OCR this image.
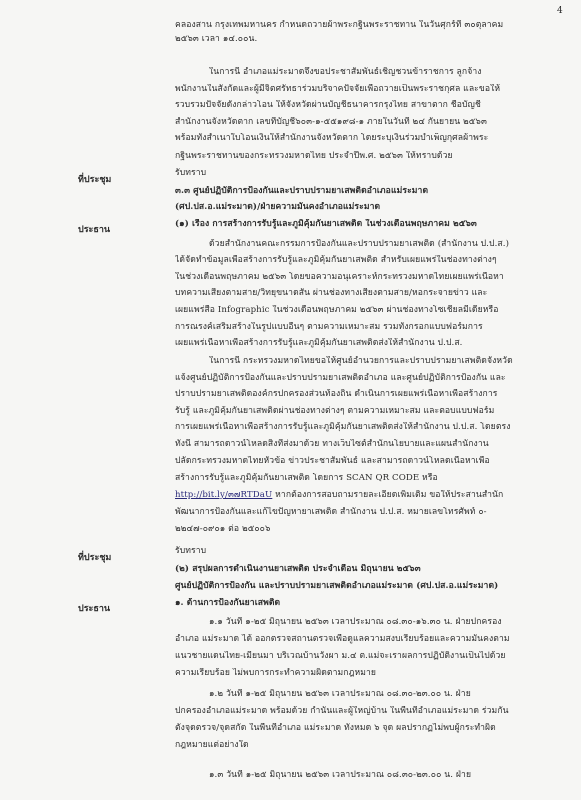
4
คลองสาน กรุงเทพมหานคร กำหนดถวายผ้าพระกฐินพระราชทาน ในวันศุกร์ที่ ๓๐ตุลาคม
๒๕๖๓ เวลา ๑๔.๐๐น.
ในการนี้ อำเภอแม่ระมาดจึงขอประชาสัมพันธ์เชิญชวนข้าราชการ ลูกจ้าง
พนักงานในสังกัดและผู้มีจิตศรัทธาร่วมบริจาคปัจจัยเพื่อถวายเป็นพระราชกุศล และขอให้
รวบรวมปัจจัยดังกล่าวโอน ให้จังหวัดผ่านบัญชีธนาคารกรุงไทย สาขาตาก ชื่อบัญชี
สำนักงานจังหวัดตาก เลขที่บัญชี๖๐๓-๑-๕๕๑๙๘-๑ ภายในวันที่ ๒๔ กันยายน ๒๕๖๓
พร้อมทั้งสำเนาใบโอนเงินให้สำนักงานจังหวัดตาก โดยระบุเงินร่วมบำเพ็ญกุศลผ้าพระ
กฐินพระราชทานของกระทรวงมหาดไทย ประจำปีพ.ศ. ๒๕๖๓ ให้ทราบด้วย
ที่ประชุม
รับทราบ
๓.๓ ศูนย์ปฏิบัติการป้องกันและปราบปรามยาเสพติดอำเภอแม่ระมาด
(ศป.ปส.อ.แม่ระมาด)/ฝ่ายความมั่นคงอำเภอแม่ระมาด
ประธาน
(๑) เรื่อง การสร้างการรับรู้และภูมิคุ้มกันยาเสพติด ในช่วงเดือนพฤษภาคม ๒๕๖๓
ด้วยสำนักงานคณะกรรมการป้องกันและปราบปรามยาเสพติด (สำนักงาน ป.ป.ส.)
ได้จัดทำข้อมูลเพื่อสร้างการรับรู้และภูมิคุ้มกันยาเสพติด สำหรับเผยแพร่ในช่องทางต่างๆ
ในช่วงเดือนพฤษภาคม ๒๕๖๓ โดยขอความอนุเคราะห์กระทรวงมหาดไทยเผยแพร่เนื้อหา
บทความเสียงตามสาย/วิทยุขนาดสั้น ผ่านช่องทางเสียงตามสาย/หอกระจายข่าว และ
เผยแพร่สื่อ Infographic ในช่วงเดือนพฤษภาคม ๒๕๖๓ ผ่านช่องทางโซเชียลมีเดียหรือ
การณรงค์เสริมสร้างในรูปแบบอื่นๆ ตามความเหมาะสม รวมทั้งกรอกแบบฟอร์มการ
เผยแพร่เนื้อหาเพื่อสร้างการรับรู้และภูมิคุ้มกันยาเสพติดส่งให้สำนักงาน ป.ป.ส.
ในการนี้ กระทรวงมหาดไทยขอให้ศูนย์อำนวยการและปราบปรามยาเสพติดจังหวัด
แจ้งศูนย์ปฏิบัติการป้องกันและปราบปรามยาเสพติดอำเภอ และศูนย์ปฏิบัติการป้องกัน และ
ปราบปรามยาเสพติดองค์กรปกครองส่วนท้องถิ่น ดำเนินการเผยแพร่เนื้อหาเพื่อสร้างการ
รับรู้ และภูมิคุ้มกันยาเสพติดผ่านช่องทางต่างๆ ตามความเหมาะสม และตอบแบบฟอร์ม
การเผยแพร่เนื้อหาเพื่อสร้างการรับรู้และภูมิคุ้มกันยาเสพติดส่งให้สำนักงาน ป.ป.ส. โดยตรง
ทั้งนี้ สามารถดาวน์โหลดสิ่งที่ส่งมาด้วย ทางเว็บไซต์สำนักนโยบายและแผนสำนักงาน
ปลัดกระทรวงมหาดไทยหัวข้อ ข่าวประชาสัมพันธ์ และสามารถดาวน์โหลดเนื้อหาเพื่อ
สร้างการรับรู้และภูมิคุ้มกันยาเสพติด โดยการ SCAN QR CODE หรือ
http://bit.ly/๓๗RTDaU หากต้องการสอบถามรายละเอียดเพิ่มเติม ขอให้ประสานสำนัก
พัฒนาการป้องกันและแก้ไขปัญหายาเสพติด สำนักงาน ป.ป.ส. หมายเลขโทรศัพท์ ๐-
๒๒๔๗-๐๙๐๑ ต่อ ๒๕๐๐๖
ที่ประชุม
รับทราบ
(๒) สรุปผลการดำเนินงานยาเสพติด ประจำเดือน มิถุนายน ๒๕๖๓
ศูนย์ปฏิบัติการป้องกัน และปราบปรามยาเสพติดอำเภอแม่ระมาด (ศป.ปส.อ.แม่ระมาด)
ประธาน
๑. ด้านการป้องกันยาเสพติด
๑.๑ วันที่ ๑-๒๕ มิถุนายน ๒๕๖๓ เวลาประมาณ ๐๘.๓๐-๑๖.๓๐ น. ฝ่ายปกครอง
อำเภอ แม่ระมาด ได้ ออกตรวจสถานตรวจเพื่อดูแลความสงบเรียบร้อยและความมั่นคงตาม
แนวชายแดนไทย-เมียนมา บริเวณบ้านวังผา ม.๔ ต.แม่จะเราผลการปฏิบัติงานเป็นไปด้วย
ความเรียบร้อย ไม่พบการกระทำความผิดตามกฎหมาย
๑.๒ วันที่ ๑-๒๕ มิถุนายน ๒๕๖๓ เวลาประมาณ ๐๘.๓๐-๒๓.๐๐ น. ฝ่าย
ปกครองอำเภอแม่ระมาด พร้อมด้วย กำนันและผู้ใหญ่บ้าน ในพื้นที่อำเภอแม่ระมาด ร่วมกัน
ตั้งจุดตรวจ/จุดสกัด ในพื้นที่อำเภอ แม่ระมาด ทั้งหมด ๖ จุด ผลปรากฏไม่พบผู้กระทำผิด
กฎหมายแต่อย่างใด
๑.๓ วันที่ ๑-๒๕ มิถุนายน ๒๕๖๓ เวลาประมาณ ๐๘.๓๐-๒๓.๐๐ น. ฝ่าย
